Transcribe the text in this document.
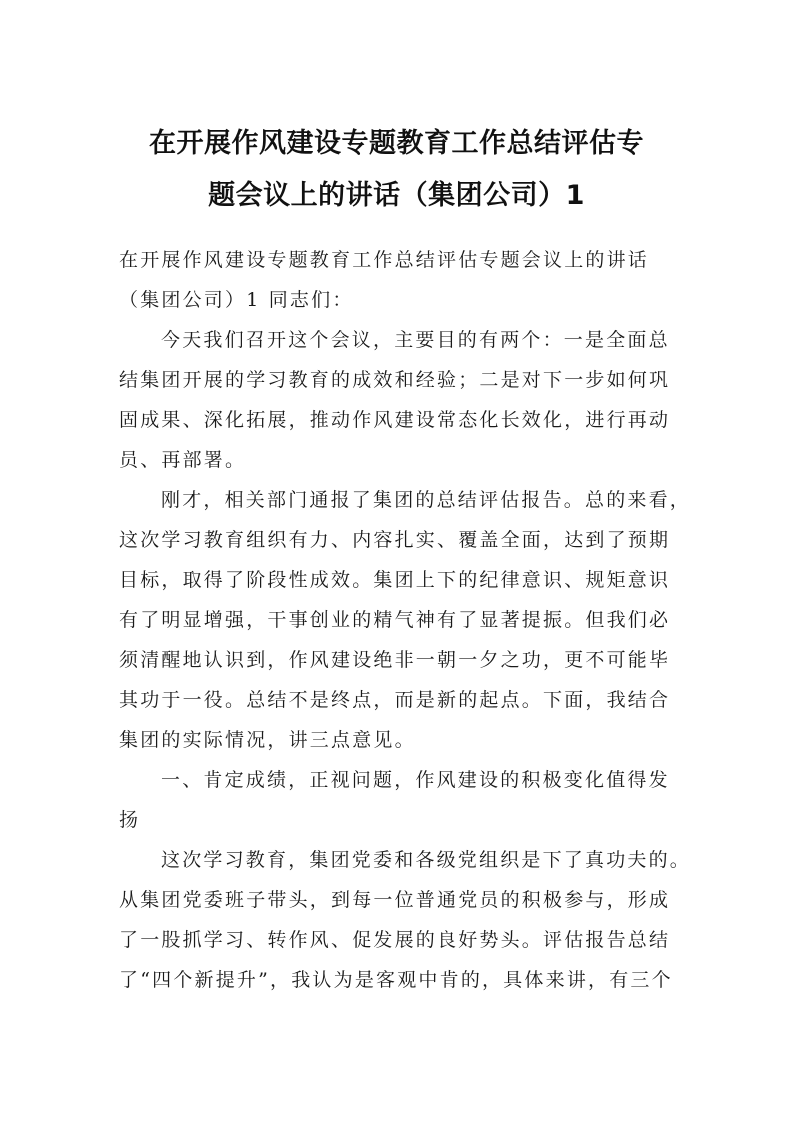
在开展作风建设专题教育工作总结评估专
题会议上的讲话（集团公司）1

在开展作风建设专题教育工作总结评估专题会议上的讲话
（集团公司）1 同志们：

今天我们召开这个会议，主要目的有两个：一是全面总
结集团开展的学习教育的成效和经验；二是对下一步如何巩
固成果、深化拓展，推动作风建设常态化长效化，进行再动
员、再部署。

刚才，相关部门通报了集团的总结评估报告。总的来看，
这次学习教育组织有力、内容扎实、覆盖全面，达到了预期
目标，取得了阶段性成效。集团上下的纪律意识、规矩意识
有了明显增强，干事创业的精气神有了显著提振。但我们必
须清醒地认识到，作风建设绝非一朝一夕之功，更不可能毕
其功于一役。总结不是终点，而是新的起点。下面，我结合
集团的实际情况，讲三点意见。

一、肯定成绩，正视问题，作风建设的积极变化值得发
扬

这次学习教育，集团党委和各级党组织是下了真功夫的。
从集团党委班子带头，到每一位普通党员的积极参与，形成
了一股抓学习、转作风、促发展的良好势头。评估报告总结
了“四个新提升”，我认为是客观中肯的，具体来讲，有三个
